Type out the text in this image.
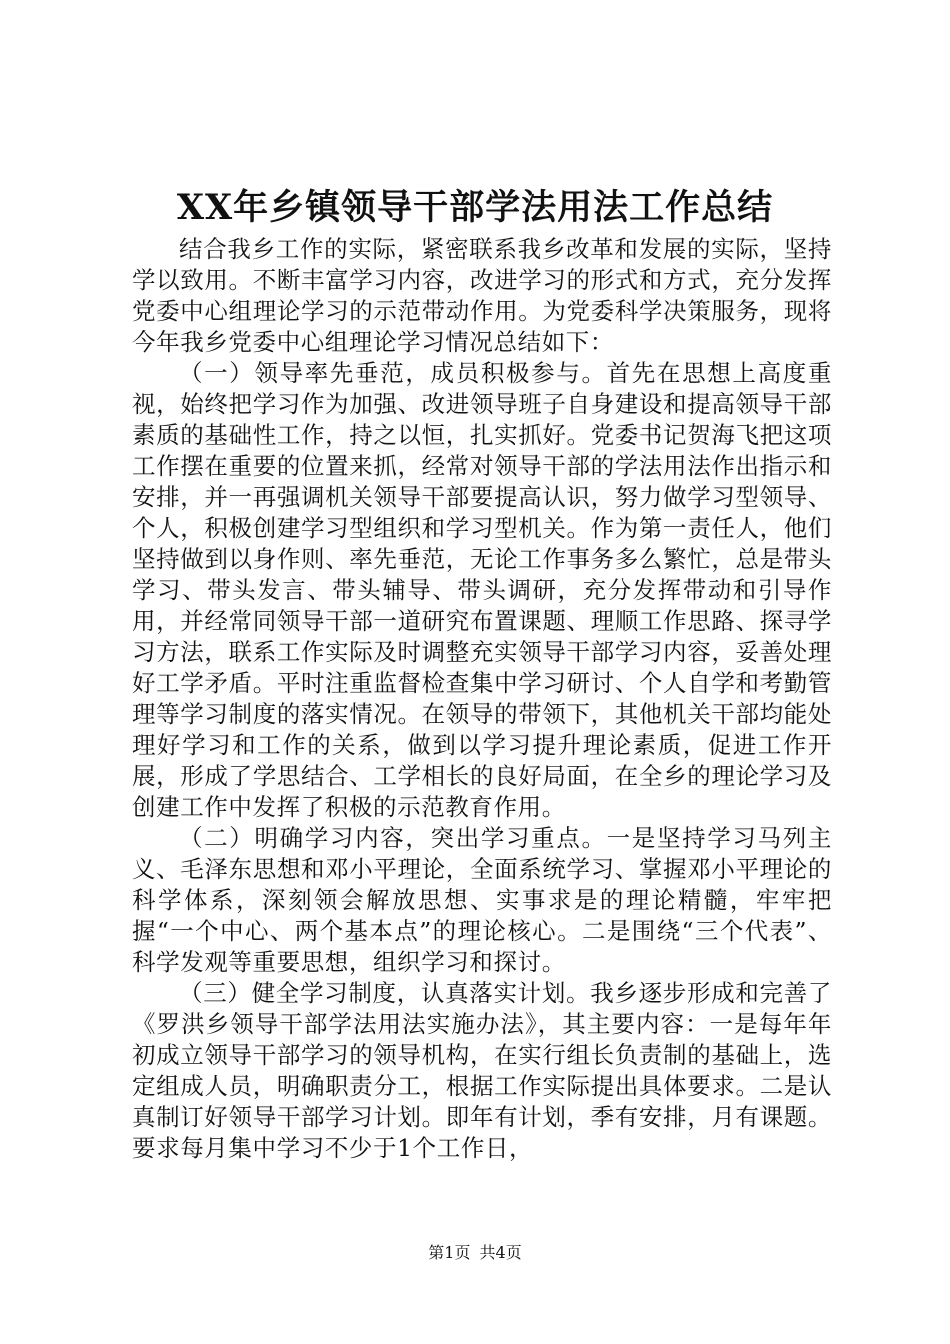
XX年乡镇领导干部学法用法工作总结

结合我乡工作的实际，紧密联系我乡改革和发展的实际，坚持学以致用。不断丰富学习内容，改进学习的形式和方式，充分发挥党委中心组理论学习的示范带动作用。为党委科学决策服务，现将今年我乡党委中心组理论学习情况总结如下：

（一）领导率先垂范，成员积极参与。首先在思想上高度重视，始终把学习作为加强、改进领导班子自身建设和提高领导干部素质的基础性工作，持之以恒，扎实抓好。党委书记贺海飞把这项工作摆在重要的位置来抓，经常对领导干部的学法用法作出指示和安排，并一再强调机关领导干部要提高认识，努力做学习型领导、个人，积极创建学习型组织和学习型机关。作为第一责任人，他们坚持做到以身作则、率先垂范，无论工作事务多么繁忙，总是带头学习、带头发言、带头辅导、带头调研，充分发挥带动和引导作用，并经常同领导干部一道研究布置课题、理顺工作思路、探寻学习方法，联系工作实际及时调整充实领导干部学习内容，妥善处理好工学矛盾。平时注重监督检查集中学习研讨、个人自学和考勤管理等学习制度的落实情况。在领导的带领下，其他机关干部均能处理好学习和工作的关系，做到以学习提升理论素质，促进工作开展，形成了学思结合、工学相长的良好局面，在全乡的理论学习及创建工作中发挥了积极的示范教育作用。

（二）明确学习内容，突出学习重点。一是坚持学习马列主义、毛泽东思想和邓小平理论，全面系统学习、掌握邓小平理论的科学体系，深刻领会解放思想、实事求是的理论精髓，牢牢把握“一个中心、两个基本点”的理论核心。二是围绕“三个代表”、科学发观等重要思想，组织学习和探讨。

（三）健全学习制度，认真落实计划。我乡逐步形成和完善了《罗洪乡领导干部学法用法实施办法》，其主要内容：一是每年年初成立领导干部学习的领导机构，在实行组长负责制的基础上，选定组成人员，明确职责分工，根据工作实际提出具体要求。二是认真制订好领导干部学习计划。即年有计划，季有安排，月有课题。要求每月集中学习不少于1个工作日，

第1页 共4页
